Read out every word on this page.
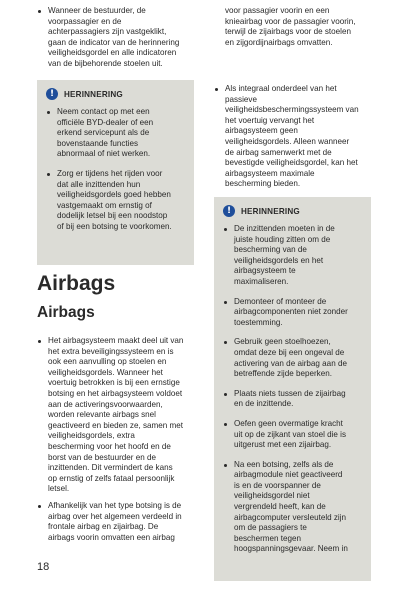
Wanneer de bestuurder, de
voorpassagier en de
achterpassagiers zijn vastgeklikt,
gaan de indicator van de herinnering
veiligheidsgordel en alle indicatoren
van de bijbehorende stoelen uit.

!	HERINNERING

Neem contact op met een
officiële BYD-dealer of een
erkend servicepunt als de
bovenstaande functies
abnormaal of niet werken.

Zorg er tijdens het rijden voor
dat alle inzittenden hun
veiligheidsgordels goed hebben
vastgemaakt om ernstig of
dodelijk letsel bij een noodstop
of bij een botsing te voorkomen.

Airbags
Airbags

Het airbagsysteem maakt deel uit van
het extra beveiligingssysteem en is
ook een aanvulling op stoelen en
veiligheidsgordels. Wanneer het
voertuig betrokken is bij een ernstige
botsing en het airbagsysteem voldoet
aan de activeringsvoorwaarden,
worden relevante airbags snel
geactiveerd en bieden ze, samen met
veiligheidsgordels, extra
bescherming voor het hoofd en de
borst van de bestuurder en de
inzittenden. Dit vermindert de kans
op ernstig of zelfs fataal persoonlijk
letsel.

Afhankelijk van het type botsing is de
airbag over het algemeen verdeeld in
frontale airbag en zijairbag. De
airbags voorin omvatten een airbag

voor passagier voorin en een
knieairbag voor de passagier voorin,
terwijl de zijairbags voor de stoelen
en zijgordijnairbags omvatten.

Als integraal onderdeel van het
passieve
veiligheidsbeschermingssysteem van
het voertuig vervangt het
airbagsysteem geen
veiligheidsgordels. Alleen wanneer
de airbag samenwerkt met de
bevestigde veiligheidsgordel, kan het
airbagsysteem maximale
bescherming bieden.

!	HERINNERING

De inzittenden moeten in de
juiste houding zitten om de
bescherming van de
veiligheidsgordels en het
airbagsysteem te
maximaliseren.

Demonteer of monteer de
airbagcomponenten niet zonder
toestemming.

Gebruik geen stoelhoezen,
omdat deze bij een ongeval de
activering van de airbag aan de
betreffende zijde beperken.

Plaats niets tussen de zijairbag
en de inzittende.

Oefen geen overmatige kracht
uit op de zijkant van stoel die is
uitgerust met een zijairbag.

Na een botsing, zelfs als de
airbagmodule niet geactiveerd
is en de voorspanner de
veiligheidsgordel niet
vergrendeld heeft, kan de
airbagcomputer versleuteld zijn
om de passagiers te
beschermen tegen
hoogspanningsgevaar. Neem in

18
